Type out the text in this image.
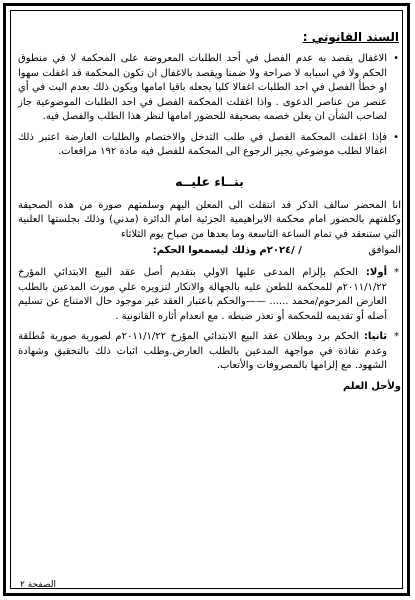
السند القانوني :

•
الاغفال يقصد به عدم الفصل في أحد الطلبات المعروضة على المحكمة لا في منطوق الحكم ولا في اسبابه لا صراحة ولا ضمنا ويقصد بالاغفال ان تكون المحكمة قد اغفلت سهوا او خطأ الفصل في احد الطلبات اغفالا كليا يجعله باقيا امامها ويكون ذلك بعدم البت في أي عنصر من عناصر الدعوى . واذا اغفلت المحكمة الفصل في احد الطلبات الموضوعية جاز لصاحب الشأن ان يعلن خصمه بصحيفة للحضور امامها لنظر هذا الطلب والفصل فيه.

•
فإذا اغفلت المحكمة الفصل في طلب التدخل والاختصام والطلبات العارضة اعتبر ذلك اغفالا لطلب موضوعي يجيز الرجوع الى المحكمة للفصل فيه مادة ١٩٢ مرافعات.

بنــاء عليــه

انا المحضر سالف الذكر قد انتقلت الى المعلن اليهم وسلمتهم صورة من هذه الصحيفة وكلفتهم بالحضور امام محكمة الابراهيمية الجزئية امام الدائرة (مدني) وذلك بجلستها العلنية التي ستنعقد في تمام الساعة التاسعة وما بعدها من صباح يوم الثلاثاء

الموافق  / /٢٠٢٤م وذلك ليسمعوا الحكم:

*
أولا: الحكم بإلزام المدعى عليها الاولي بتقديم أصل عقد البيع الابتدائي المؤرخ ٢٠١١/١/٢٢م للمحكمة للطعن عليه بالجهالة والانكار لتزويره علي مورث المدعين بالطلب العارض المرحوم/محمد ...... ——والحكم باعتبار العقد غير موجود حال الامتناع عن تسليم أصله أو تقديمه للمحكمة أو تعذر ضبطه . مع انعدام أثاره القانونية .

*
ثانيا: الحكم برد وبطلان عقد البيع الابتدائي المؤرخ ٢٠١١/١/٢٢م لصورية صورية مُطلقة وعدم نفاذة في مواجهة المدعين بالطلب العارض.وطلب اثبات ذلك بالتحقيق وشهادة الشهود. مع إلزامها بالمصروفات والأتعاب.

ولأجل العلم

الصفحة ٢
